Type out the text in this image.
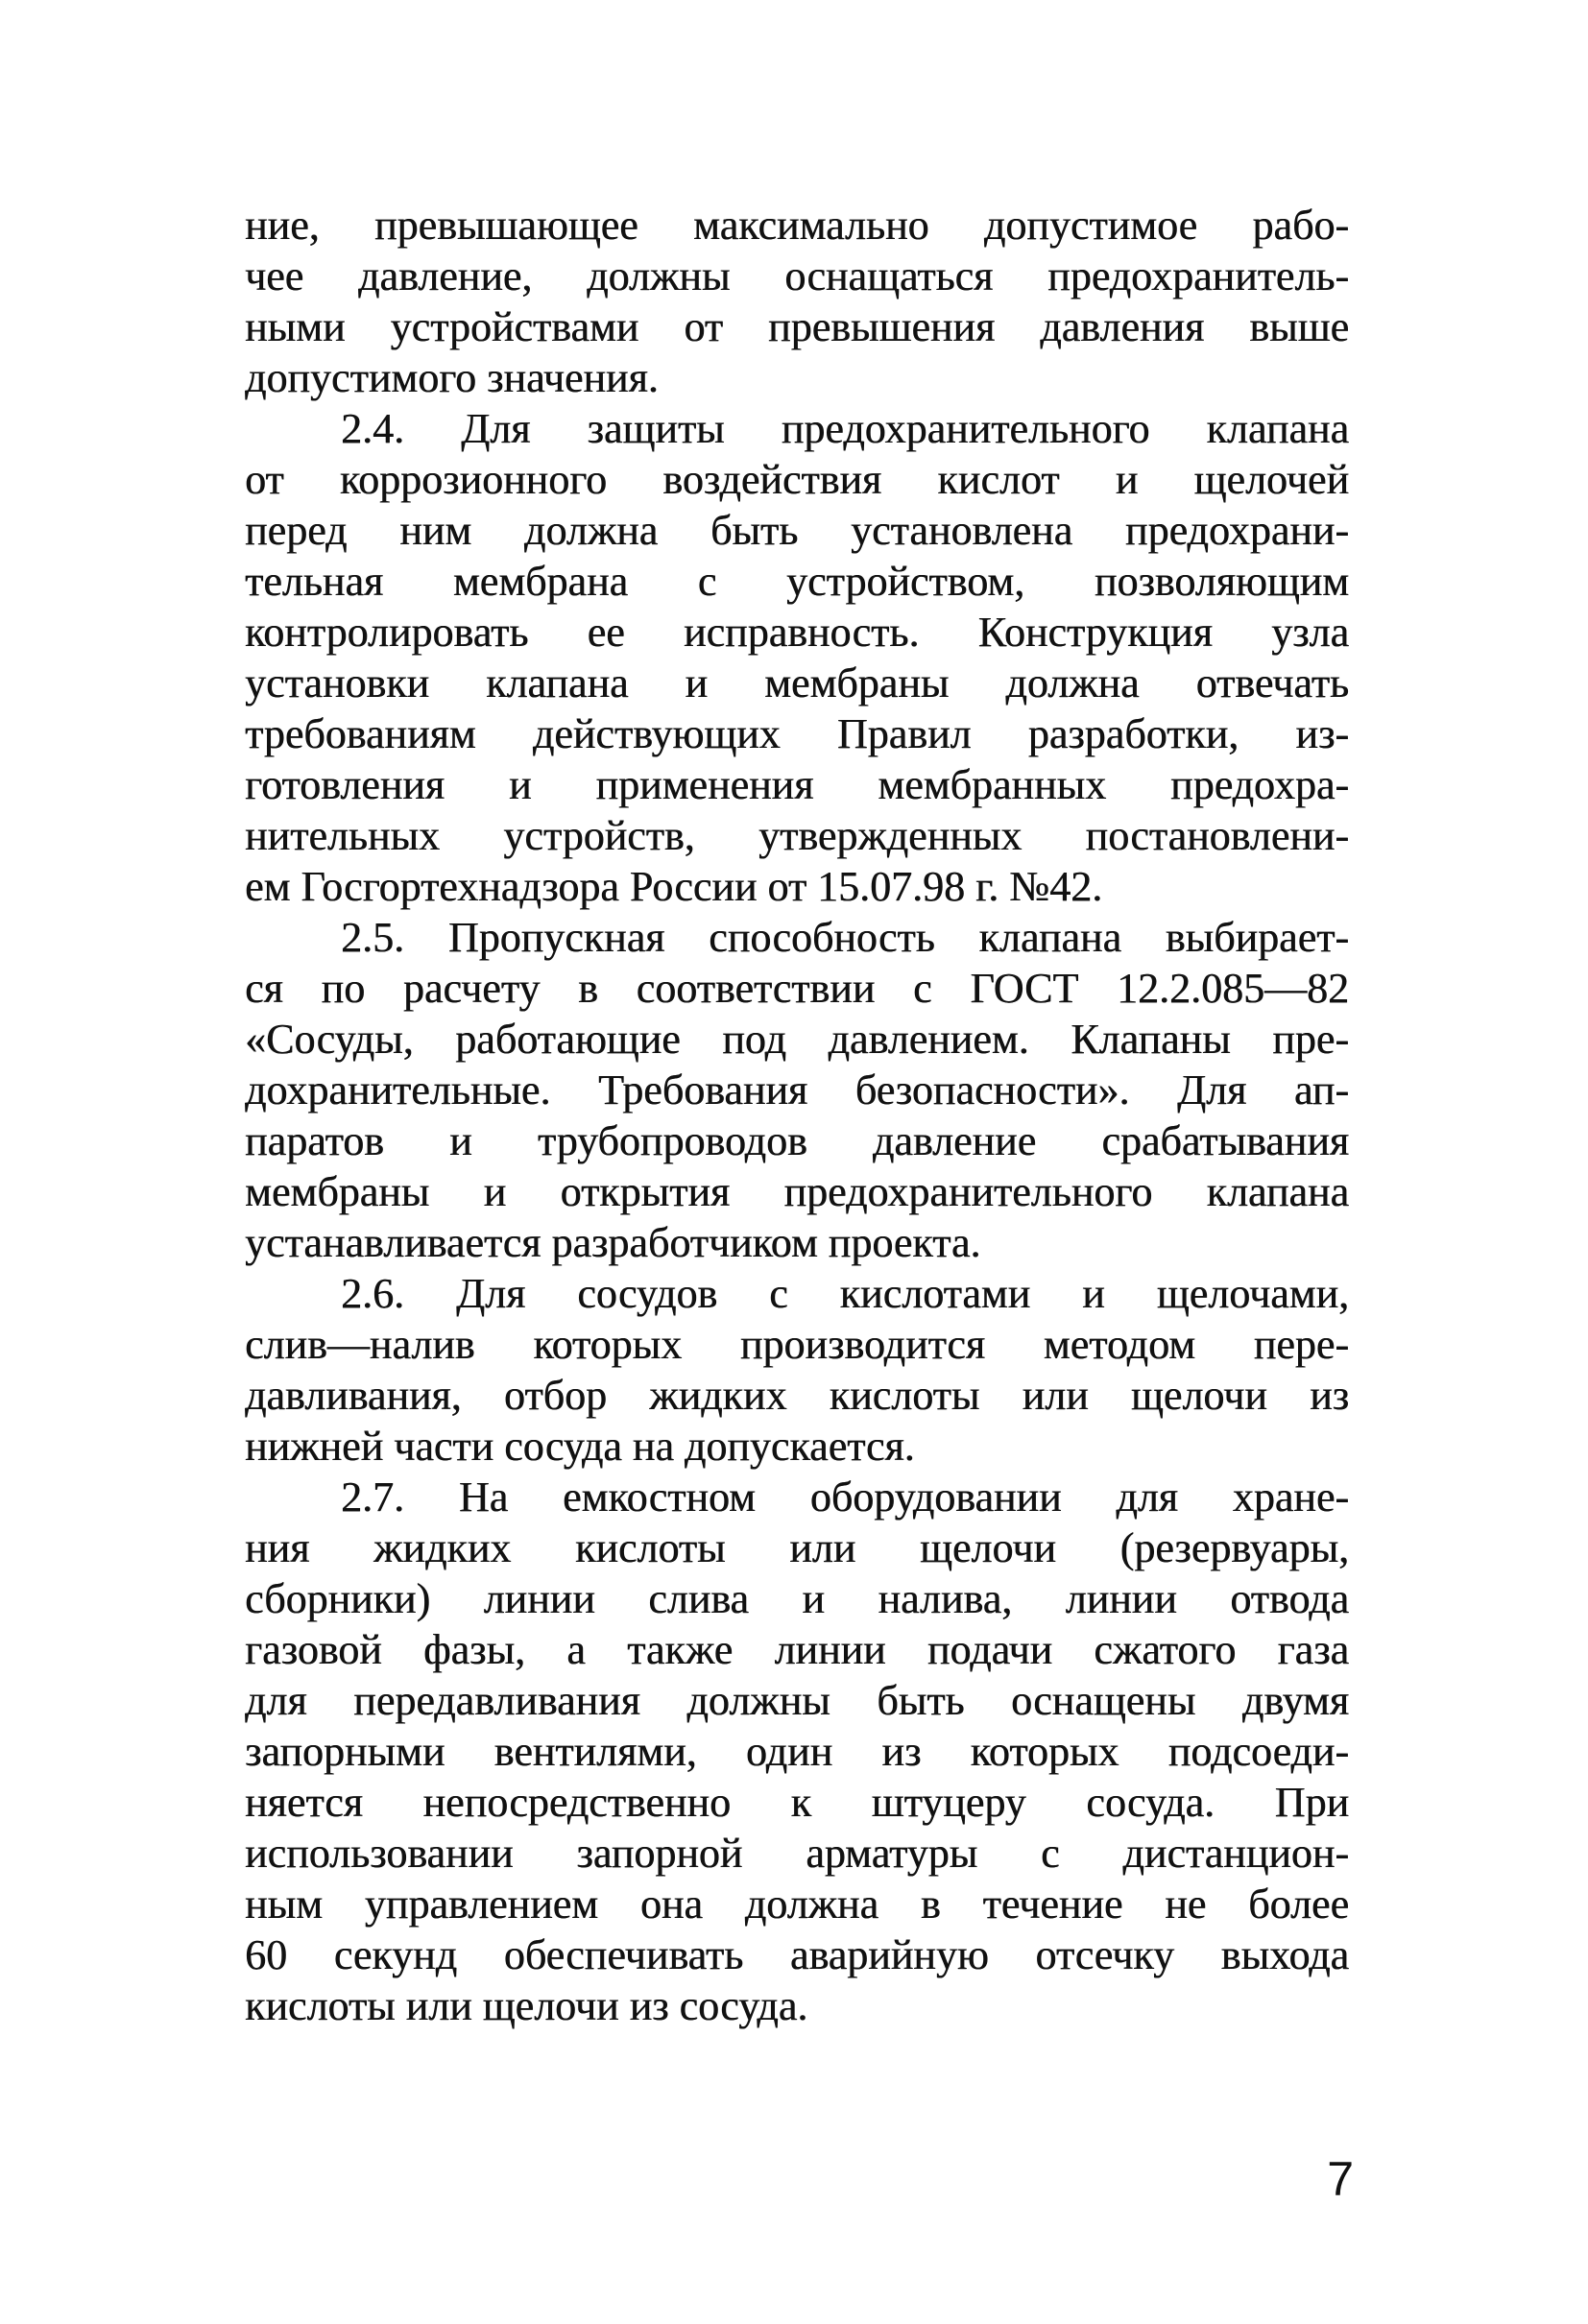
ние, превышающее максимально допустимое рабо-
чее давление, должны оснащаться предохранитель-
ными устройствами от превышения давления выше
допустимого значения.
2.4. Для защиты предохранительного клапана
от коррозионного воздействия кислот и щелочей
перед ним должна быть установлена предохрани-
тельная мембрана с устройством, позволяющим
контролировать ее исправность. Конструкция узла
установки клапана и мембраны должна отвечать
требованиям действующих Правил разработки, из-
готовления и применения мембранных предохра-
нительных устройств, утвержденных постановлени-
ем Госгортехнадзора России от 15.07.98 г. №42.
2.5. Пропускная способность клапана выбирает-
ся по расчету в соответствии с ГОСТ 12.2.085—82
«Сосуды, работающие под давлением. Клапаны пре-
дохранительные. Требования безопасности». Для ап-
паратов и трубопроводов давление срабатывания
мембраны и открытия предохранительного клапана
устанавливается разработчиком проекта.
2.6. Для сосудов с кислотами и щелочами,
слив—налив которых производится методом пере-
давливания, отбор жидких кислоты или щелочи из
нижней части сосуда на допускается.
2.7. На емкостном оборудовании для хране-
ния жидких кислоты или щелочи (резервуары,
сборники) линии слива и налива, линии отвода
газовой фазы, а также линии подачи сжатого газа
для передавливания должны быть оснащены двумя
запорными вентилями, один из которых подсоеди-
няется непосредственно к штуцеру сосуда. При
использовании запорной арматуры с дистанцион-
ным управлением она должна в течение не более
60 секунд обеспечивать аварийную отсечку выхода
кислоты или щелочи из сосуда.
7
